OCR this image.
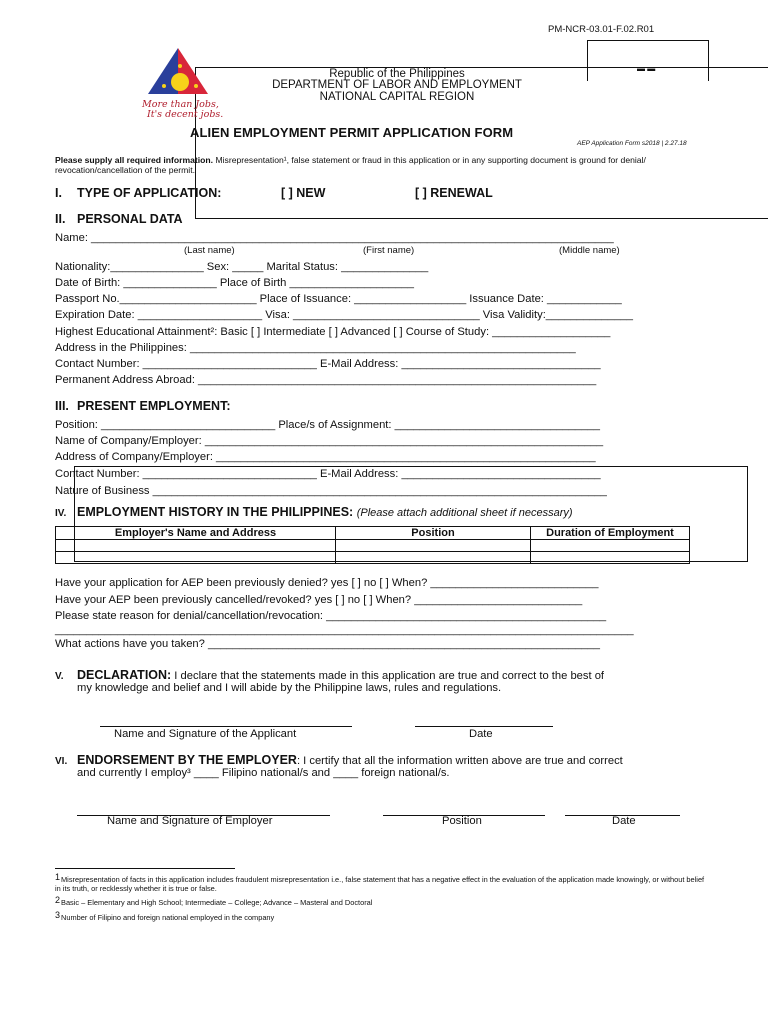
PM-NCR-03.01-F.02.R01
▬ ▬
More than Jobs,
It's decent jobs.
Republic of the Philippines
DEPARTMENT OF LABOR AND EMPLOYMENT
NATIONAL CAPITAL REGION
ALIEN EMPLOYMENT PERMIT APPLICATION FORM
AEP Application Form s2018 | 2.27.18
Please supply all required information. Misrepresentation¹, false statement or fraud in this application or in any supporting document is ground for denial/ revocation/cancellation of the permit.
I. TYPE OF APPLICATION:	[ ] NEW	[ ] RENEWAL
II. PERSONAL DATA
Name: ____________________________________________________________________________________
(Last name)	(First name)	(Middle name)
Nationality:_______________ Sex: _____ Marital Status: ______________
Date of Birth: _______________ Place of Birth ____________________
Passport No.______________________ Place of Issuance: __________________ Issuance Date: ____________
Expiration Date: ____________________ Visa: ______________________________ Visa Validity:______________
Highest Educational Attainment²: Basic [ ] Intermediate [ ] Advanced [ ] Course of Study: ___________________
Address in the Philippines: ______________________________________________________________
Contact Number: ____________________________ E-Mail Address: ________________________________
Permanent Address Abroad: ________________________________________________________________
III. PRESENT EMPLOYMENT:
Position: ____________________________ Place/s of Assignment: _________________________________
Name of Company/Employer: ________________________________________________________________
Address of Company/Employer: _____________________________________________________________
Contact Number: ____________________________ E-Mail Address: ________________________________
Nature of Business _________________________________________________________________________
IV. EMPLOYMENT HISTORY IN THE PHILIPPINES: (Please attach additional sheet if necessary)
Employer's Name and Address	Position	Duration of Employment

Have your application for AEP been previously denied? yes [ ] no [ ] When? ___________________________
Have your AEP been previously cancelled/revoked? yes [ ] no [ ] When? ___________________________
Please state reason for denial/cancellation/revocation: _____________________________________________
_____________________________________________________________________________________________
What actions have you taken? _______________________________________________________________
V. DECLARATION: I declare that the statements made in this application are true and correct to the best of
my knowledge and belief and I will abide by the Philippine laws, rules and regulations.
Name and Signature of the Applicant	Date
VI. ENDORSEMENT BY THE EMPLOYER: I certify that all the information written above are true and correct
and currently I employ³ ____ Filipino national/s and ____ foreign national/s.
Name and Signature of Employer	Position	Date
$^1$Misrepresentation of facts in this application includes fraudulent misrepresentation i.e., false statement that has a negative effect in the evaluation of the application made knowingly, or without belief in its truth, or recklessly whether it is true or false.
$^2$Basic – Elementary and High School; Intermediate – College; Advance – Masteral and Doctoral
$^3$Number of Filipino and foreign national employed in the company
